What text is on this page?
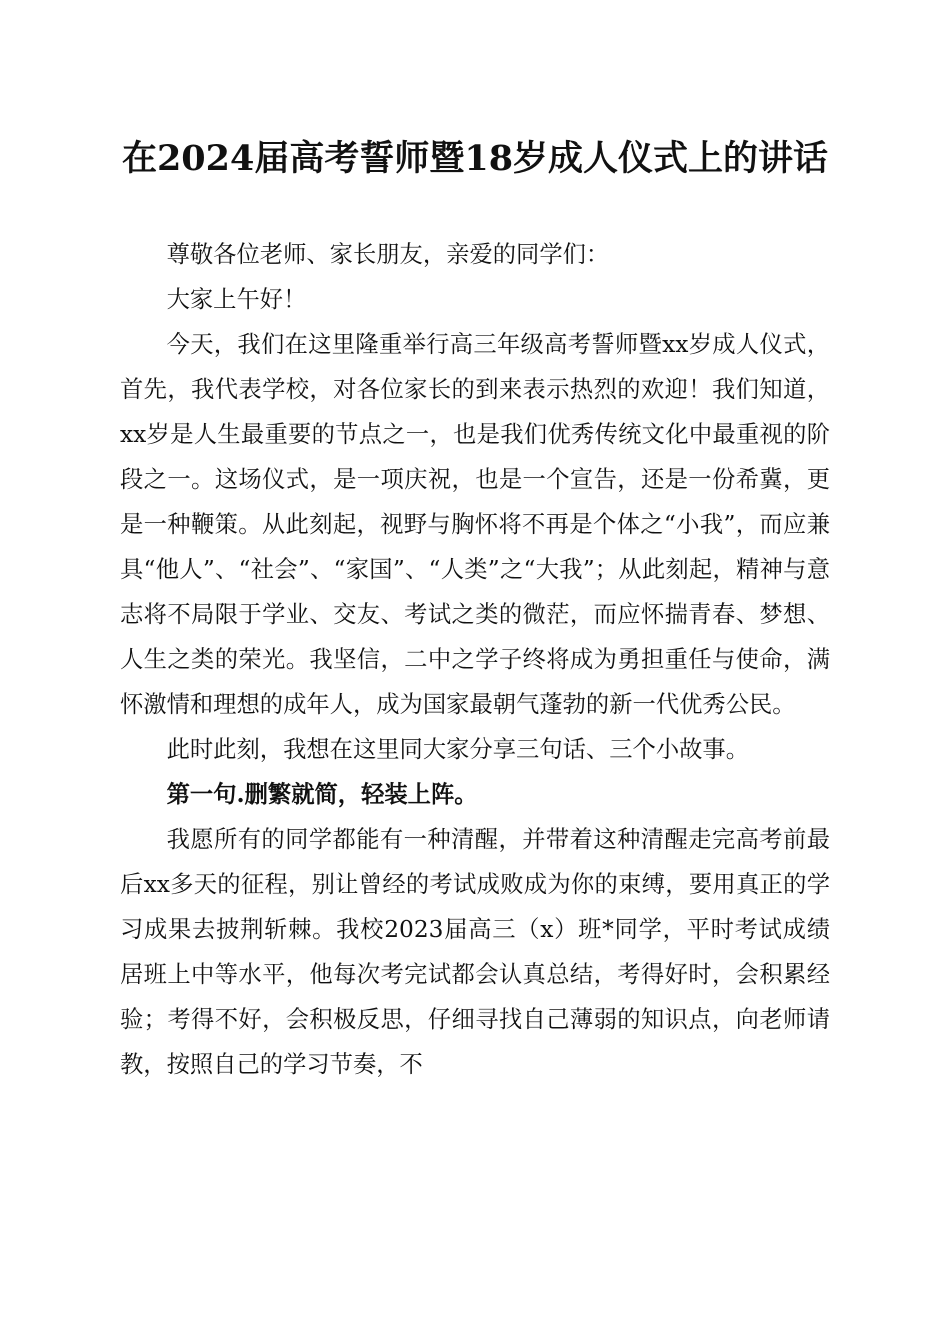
在2024届高考誓师暨18岁成人仪式上的讲话

尊敬各位老师、家长朋友，亲爱的同学们：

大家上午好！

今天，我们在这里隆重举行高三年级高考誓师暨xx岁成人仪式，首先，我代表学校，对各位家长的到来表示热烈的欢迎！我们知道，xx岁是人生最重要的节点之一，也是我们优秀传统文化中最重视的阶段之一。这场仪式，是一项庆祝，也是一个宣告，还是一份希冀，更是一种鞭策。从此刻起，视野与胸怀将不再是个体之“小我”，而应兼具“他人”、“社会”、“家国”、“人类”之“大我”；从此刻起，精神与意志将不局限于学业、交友、考试之类的微茫，而应怀揣青春、梦想、人生之类的荣光。我坚信，二中之学子终将成为勇担重任与使命，满怀激情和理想的成年人，成为国家最朝气蓬勃的新一代优秀公民。

此时此刻，我想在这里同大家分享三句话、三个小故事。

第一句.删繁就简，轻装上阵。

我愿所有的同学都能有一种清醒，并带着这种清醒走完高考前最后xx多天的征程，别让曾经的考试成败成为你的束缚，要用真正的学习成果去披荆斩棘。我校2023届高三（x）班*同学，平时考试成绩居班上中等水平，他每次考完试都会认真总结，考得好时，会积累经验；考得不好，会积极反思，仔细寻找自己薄弱的知识点，向老师请教，按照自己的学习节奏，不
